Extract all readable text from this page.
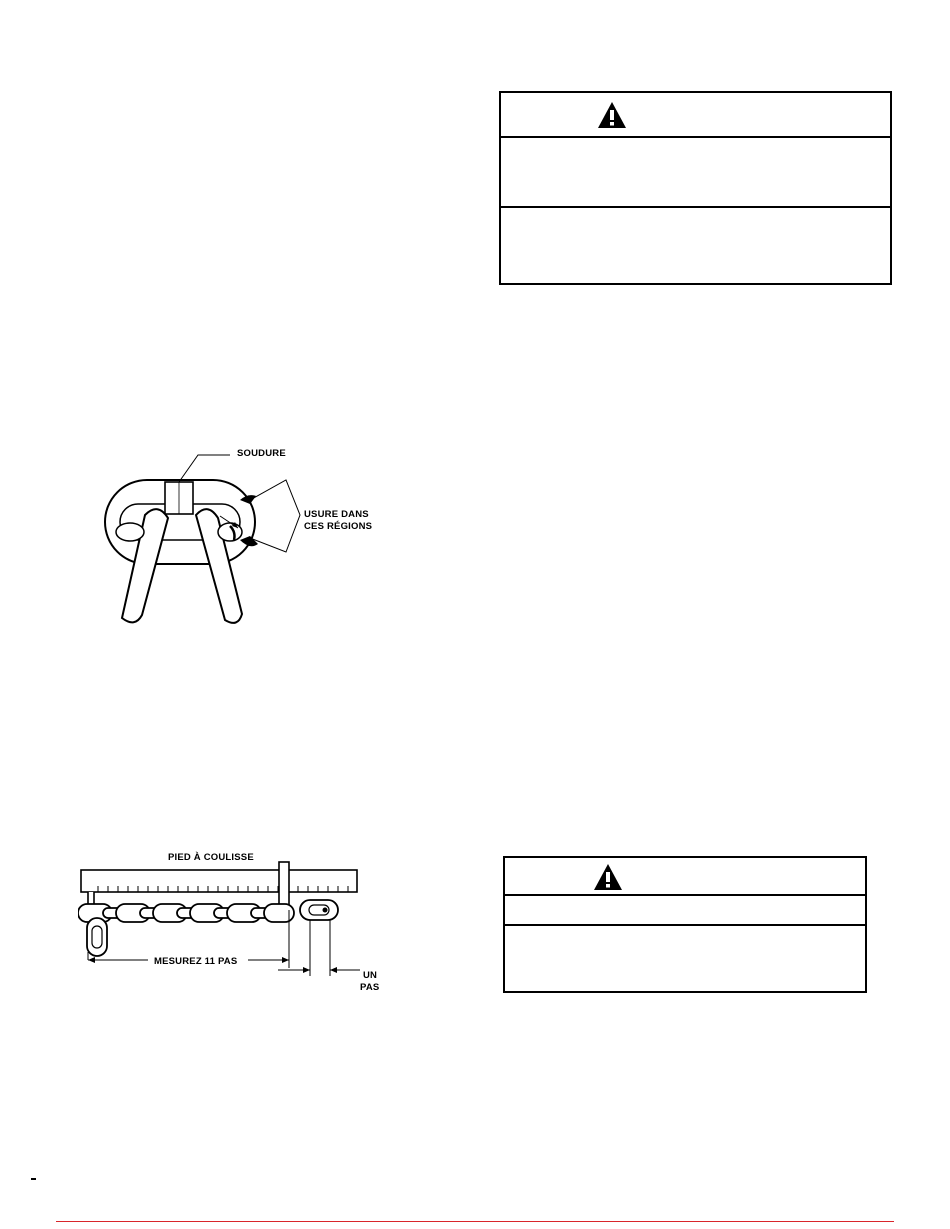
SOUDURE
USURE DANS
CES RÉGIONS
PIED À COULISSE
MESUREZ 11 PAS
UN
PAS
